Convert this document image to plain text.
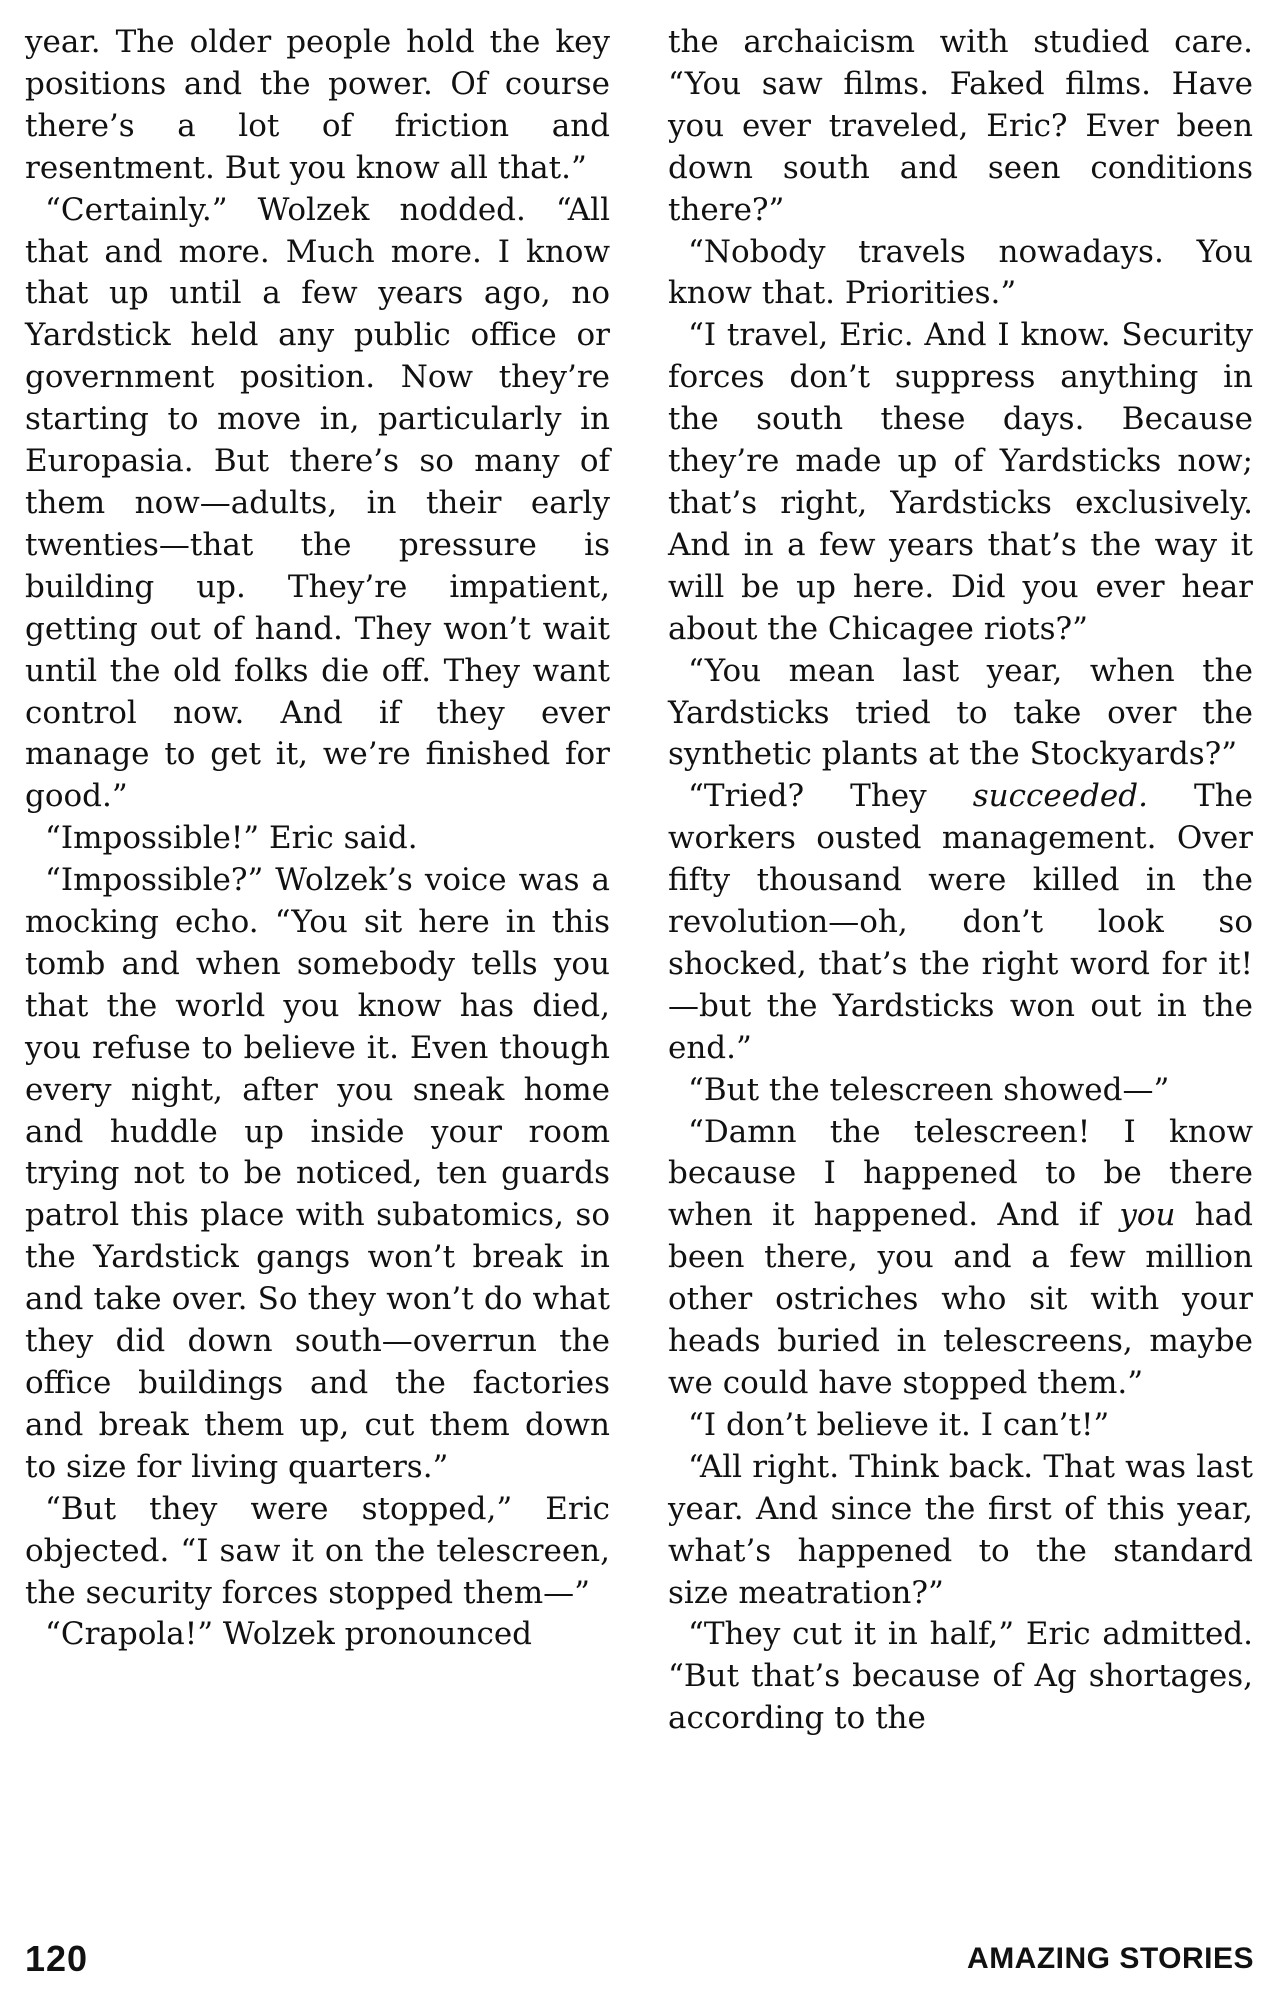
year. The older people hold the key positions and the power. Of course there’s a lot of friction and resentment. But you know all that.”

“Certainly.” Wolzek nodded. “All that and more. Much more. I know that up until a few years ago, no Yardstick held any public office or government position. Now they’re starting to move in, particularly in Europasia. But there’s so many of them now—adults, in their early twenties—that the pressure is building up. They’re impatient, getting out of hand. They won’t wait until the old folks die off. They want control now. And if they ever manage to get it, we’re finished for good.”

“Impossible!” Eric said.

“Impossible?” Wolzek’s voice was a mocking echo. “You sit here in this tomb and when somebody tells you that the world you know has died, you refuse to believe it. Even though every night, after you sneak home and huddle up inside your room trying not to be noticed, ten guards patrol this place with subatomics, so the Yardstick gangs won’t break in and take over. So they won’t do what they did down south—overrun the office buildings and the factories and break them up, cut them down to size for living quarters.”

“But they were stopped,” Eric objected. “I saw it on the telescreen, the security forces stopped them—”

“Crapola!” Wolzek pronounced

the archaicism with studied care. “You saw films. Faked films. Have you ever traveled, Eric? Ever been down south and seen conditions there?”

“Nobody travels nowadays. You know that. Priorities.”

“I travel, Eric. And I know. Security forces don’t suppress anything in the south these days. Because they’re made up of Yardsticks now; that’s right, Yardsticks exclusively. And in a few years that’s the way it will be up here. Did you ever hear about the Chicagee riots?”

“You mean last year, when the Yardsticks tried to take over the synthetic plants at the Stockyards?”

“Tried? They succeeded. The workers ousted management. Over fifty thousand were killed in the revolution—oh, don’t look so shocked, that’s the right word for it!—but the Yardsticks won out in the end.”

“But the telescreen showed—”

“Damn the telescreen! I know because I happened to be there when it happened. And if you had been there, you and a few million other ostriches who sit with your heads buried in telescreens, maybe we could have stopped them.”

“I don’t believe it. I can’t!”

“All right. Think back. That was last year. And since the first of this year, what’s happened to the standard size meatration?”

“They cut it in half,” Eric admitted. “But that’s because of Ag shortages, according to the

120	AMAZING STORIES
